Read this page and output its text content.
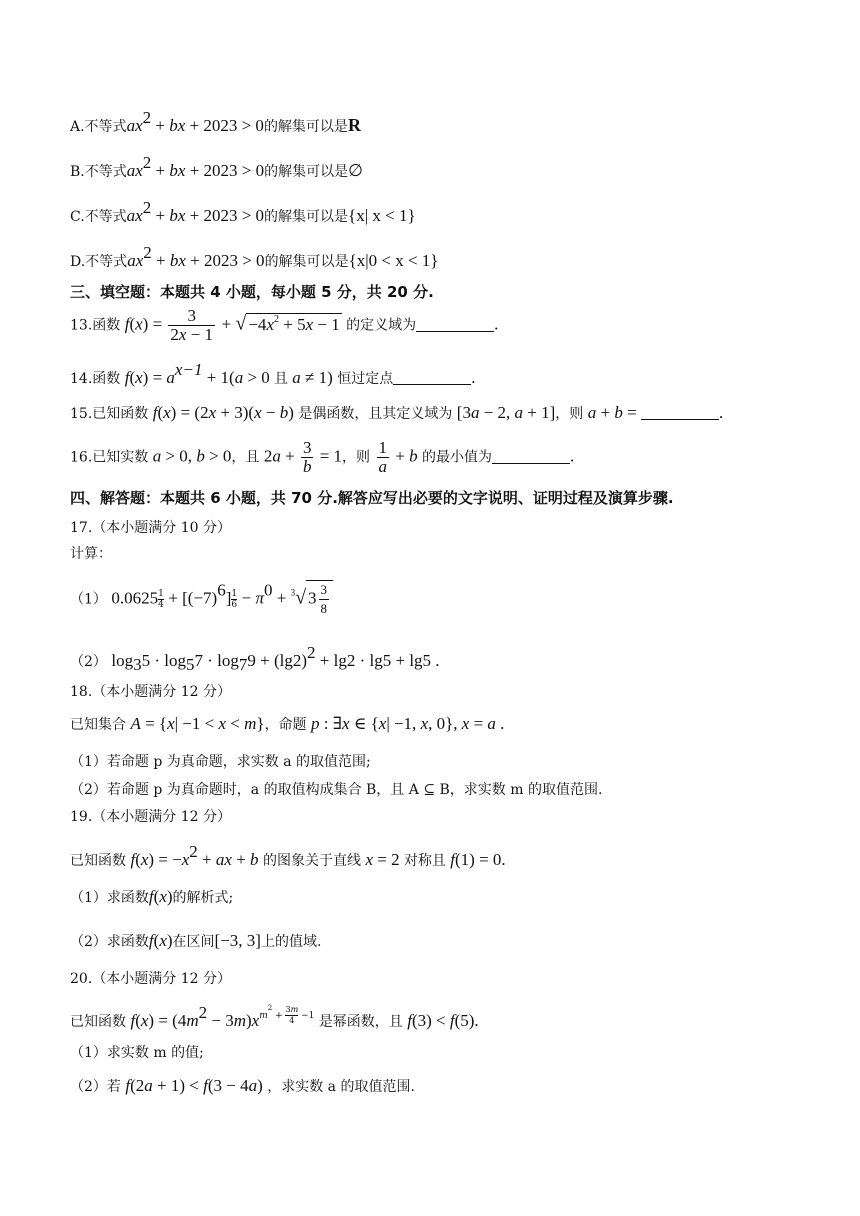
A.不等式$ax^2$ + bx + 2023 > 0的解集可以是R
B.不等式$ax^2$ + bx + 2023 > 0的解集可以是∅
C.不等式$ax^2$ + bx + 2023 > 0的解集可以是{x| x < 1}
D.不等式$ax^2$ + bx + 2023 > 0的解集可以是{x|0 < x < 1}
三、填空题：本题共 4 小题，每小题 5 分，共 20 分.
13.函数 $f(x) = \frac{3}{2x - 1}$ + √ $-4x^2 + 5x - 1$ 的定义域为	.
14.函数 $f(x) = a^{x-1} + 1(a > 0$ 且 a ≠ 1) 恒过定点	.
15.已知函数 f(x) = (2x + 3)(x − b) 是偶函数，且其定义域为 [3a − 2, a + 1]，则 a + b =	.
16.已知实数 a > 0, b > 0，且 $2a + \frac{3}{b} = 1$，则 $\frac{1}{a} + b$ 的最小值为	.
四、解答题：本题共 6 小题，共 70 分.解答应写出必要的文字说明、证明过程及演算步骤.
17.（本小题满分 10 分）
计算：
（1） $0.0625 \frac{1}{4} + [(-7)^6] \frac{1}{6} - \pi^0 + ^3√$ $3 \frac{3}{8}$
（2） $\log_35 \cdot \log_57 \cdot \log_79 + (\lg 2)^2 + \lg 2 \cdot \lg 5 + \lg 5$ .
18.（本小题满分 12 分）
已知集合 A = {x| −1 < x < m}，命题 p : ∃x ∈ {x| −1, x, 0}, x = a .
（1）若命题 p 为真命题，求实数 a 的取值范围;
（2）若命题 p 为真命题时，a 的取值构成集合 B，且 A ⊆ B，求实数 m 的取值范围.
19.（本小题满分 12 分）
已知函数 $f(x) = -x^2$ + ax + b 的图象关于直线 x = 2 对称且 f(1) = 0.
（1）求函数f(x)的解析式;
（2）求函数f(x)在区间[−3, 3]上的值域.
20.（本小题满分 12 分）
已知函数 $f(x) = (4m^2 - 3m)x^{m^2 + \frac{3m}{4} -1}$ 是幂函数，且 f(3) < f(5).
（1）求实数 m 的值;
（2）若 f(2a + 1) < f(3 − 4a) ，求实数 a 的取值范围.
